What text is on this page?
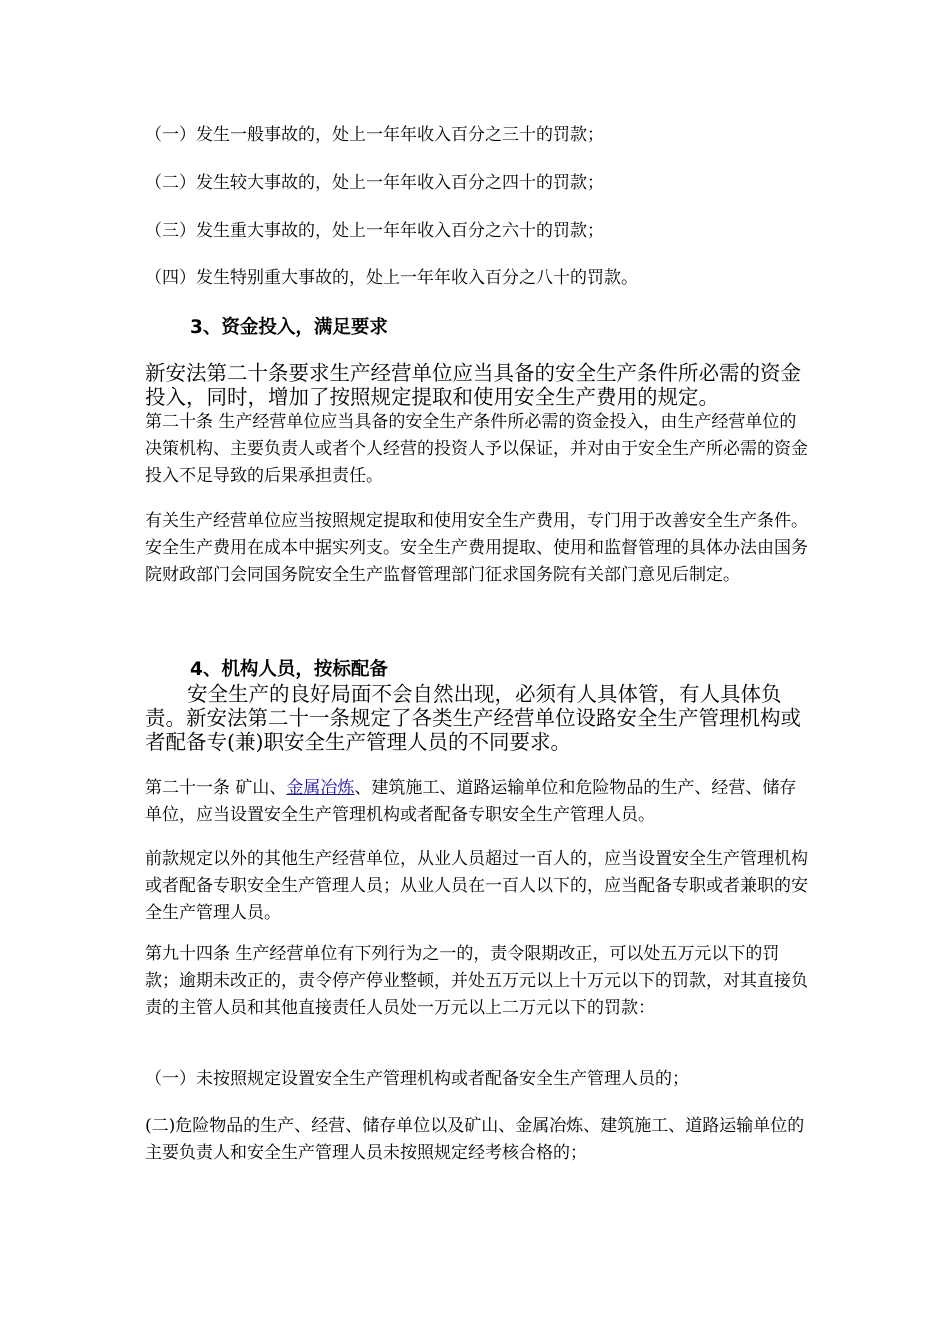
（一）发生一般事故的，处上一年年收入百分之三十的罚款；

（二）发生较大事故的，处上一年年收入百分之四十的罚款；

（三）发生重大事故的，处上一年年收入百分之六十的罚款；

（四）发生特别重大事故的，处上一年年收入百分之八十的罚款。

3、资金投入，满足要求

新安法第二十条要求生产经营单位应当具备的安全生产条件所必需的资金投入，同时，增加了按照规定提取和使用安全生产费用的规定。

第二十条 生产经营单位应当具备的安全生产条件所必需的资金投入，由生产经营单位的决策机构、主要负责人或者个人经营的投资人予以保证，并对由于安全生产所必需的资金投入不足导致的后果承担责任。

有关生产经营单位应当按照规定提取和使用安全生产费用，专门用于改善安全生产条件。安全生产费用在成本中据实列支。安全生产费用提取、使用和监督管理的具体办法由国务院财政部门会同国务院安全生产监督管理部门征求国务院有关部门意见后制定。

4、机构人员，按标配备

安全生产的良好局面不会自然出现，必须有人具体管，有人具体负责。新安法第二十一条规定了各类生产经营单位设路安全生产管理机构或者配备专(兼)职安全生产管理人员的不同要求。

第二十一条 矿山、金属冶炼、建筑施工、道路运输单位和危险物品的生产、经营、储存单位，应当设置安全生产管理机构或者配备专职安全生产管理人员。

前款规定以外的其他生产经营单位，从业人员超过一百人的，应当设置安全生产管理机构或者配备专职安全生产管理人员；从业人员在一百人以下的，应当配备专职或者兼职的安全生产管理人员。

第九十四条 生产经营单位有下列行为之一的，责令限期改正，可以处五万元以下的罚款；逾期未改正的，责令停产停业整顿，并处五万元以上十万元以下的罚款，对其直接负责的主管人员和其他直接责任人员处一万元以上二万元以下的罚款：

（一）未按照规定设置安全生产管理机构或者配备安全生产管理人员的；

(二)危险物品的生产、经营、储存单位以及矿山、金属冶炼、建筑施工、道路运输单位的主要负责人和安全生产管理人员未按照规定经考核合格的；
